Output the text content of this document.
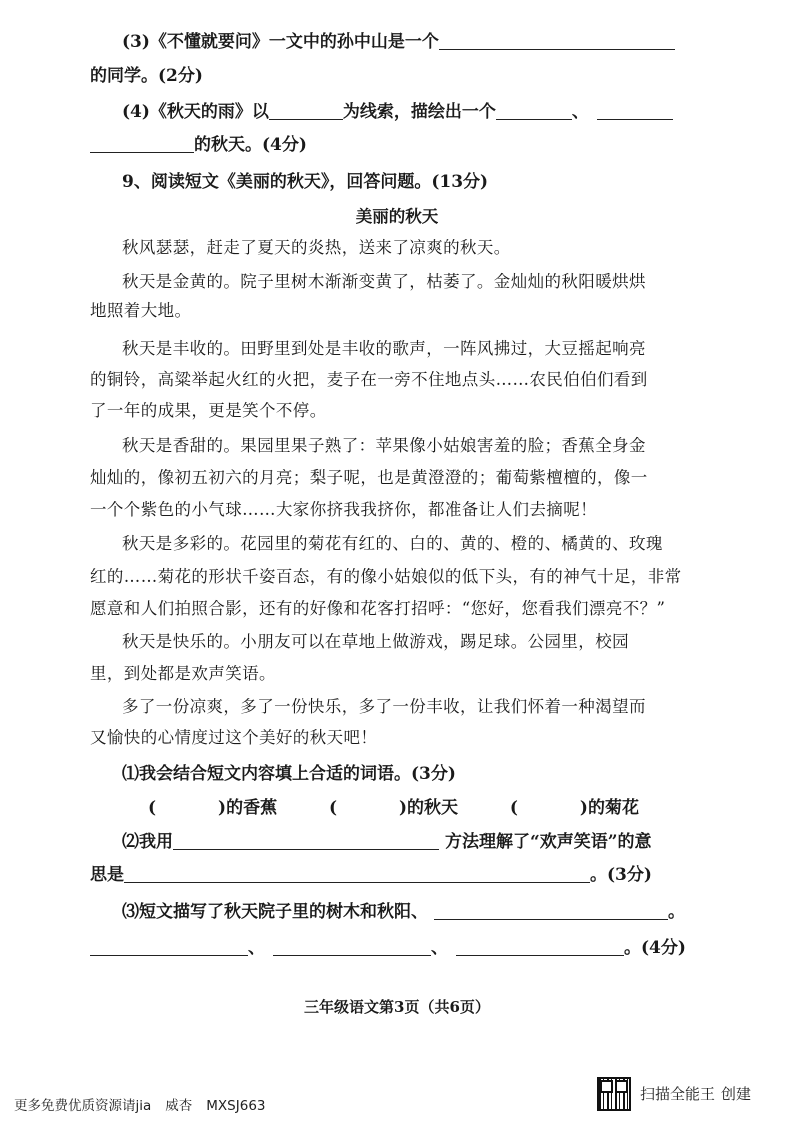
(3)《不懂就要问》一文中的孙中山是一个
的同学。(2分)
(4)《秋天的雨》以	为线索，描绘出一个	、
的秋天。(4分)
9、阅读短文《美丽的秋天》，回答问题。(13分)
美丽的秋天
秋风瑟瑟，赶走了夏天的炎热，送来了凉爽的秋天。
秋天是金黄的。院子里树木渐渐变黄了，枯萎了。金灿灿的秋阳暖烘烘
地照着大地。
秋天是丰收的。田野里到处是丰收的歌声，一阵风拂过，大豆摇起响亮
的铜铃，高粱举起火红的火把，麦子在一旁不住地点头……农民伯伯们看到
了一年的成果，更是笑个不停。
秋天是香甜的。果园里果子熟了：苹果像小姑娘害羞的脸；香蕉全身金
灿灿的，像初五初六的月亮；梨子呢，也是黄澄澄的；葡萄紫檀檀的，像一
一个个紫色的小气球……大家你挤我我挤你，都准备让人们去摘呢！
秋天是多彩的。花园里的菊花有红的、白的、黄的、橙的、橘黄的、玫瑰
红的……菊花的形状千姿百态，有的像小姑娘似的低下头，有的神气十足，非常
愿意和人们拍照合影，还有的好像和花客打招呼：“您好，您看我们漂亮不？”
秋天是快乐的。小朋友可以在草地上做游戏，踢足球。公园里，校园
里，到处都是欢声笑语。
多了一份凉爽，多了一份快乐，多了一份丰收，让我们怀着一种渴望而
又愉快的心情度过这个美好的秋天吧！
⑴我会结合短文内容填上合适的词语。(3分)
(	)的香蕉	(	)的秋天	(	)的菊花
⑵我用	方法理解了“欢声笑语”的意
思是	。(3分)
⑶短文描写了秋天院子里的树木和秋阳、	。
、	、	。(4分)
三年级语文第3页（共6页）
更多免费优质资源请jia 威杏 MXSJ663
扫描全能王 创建
